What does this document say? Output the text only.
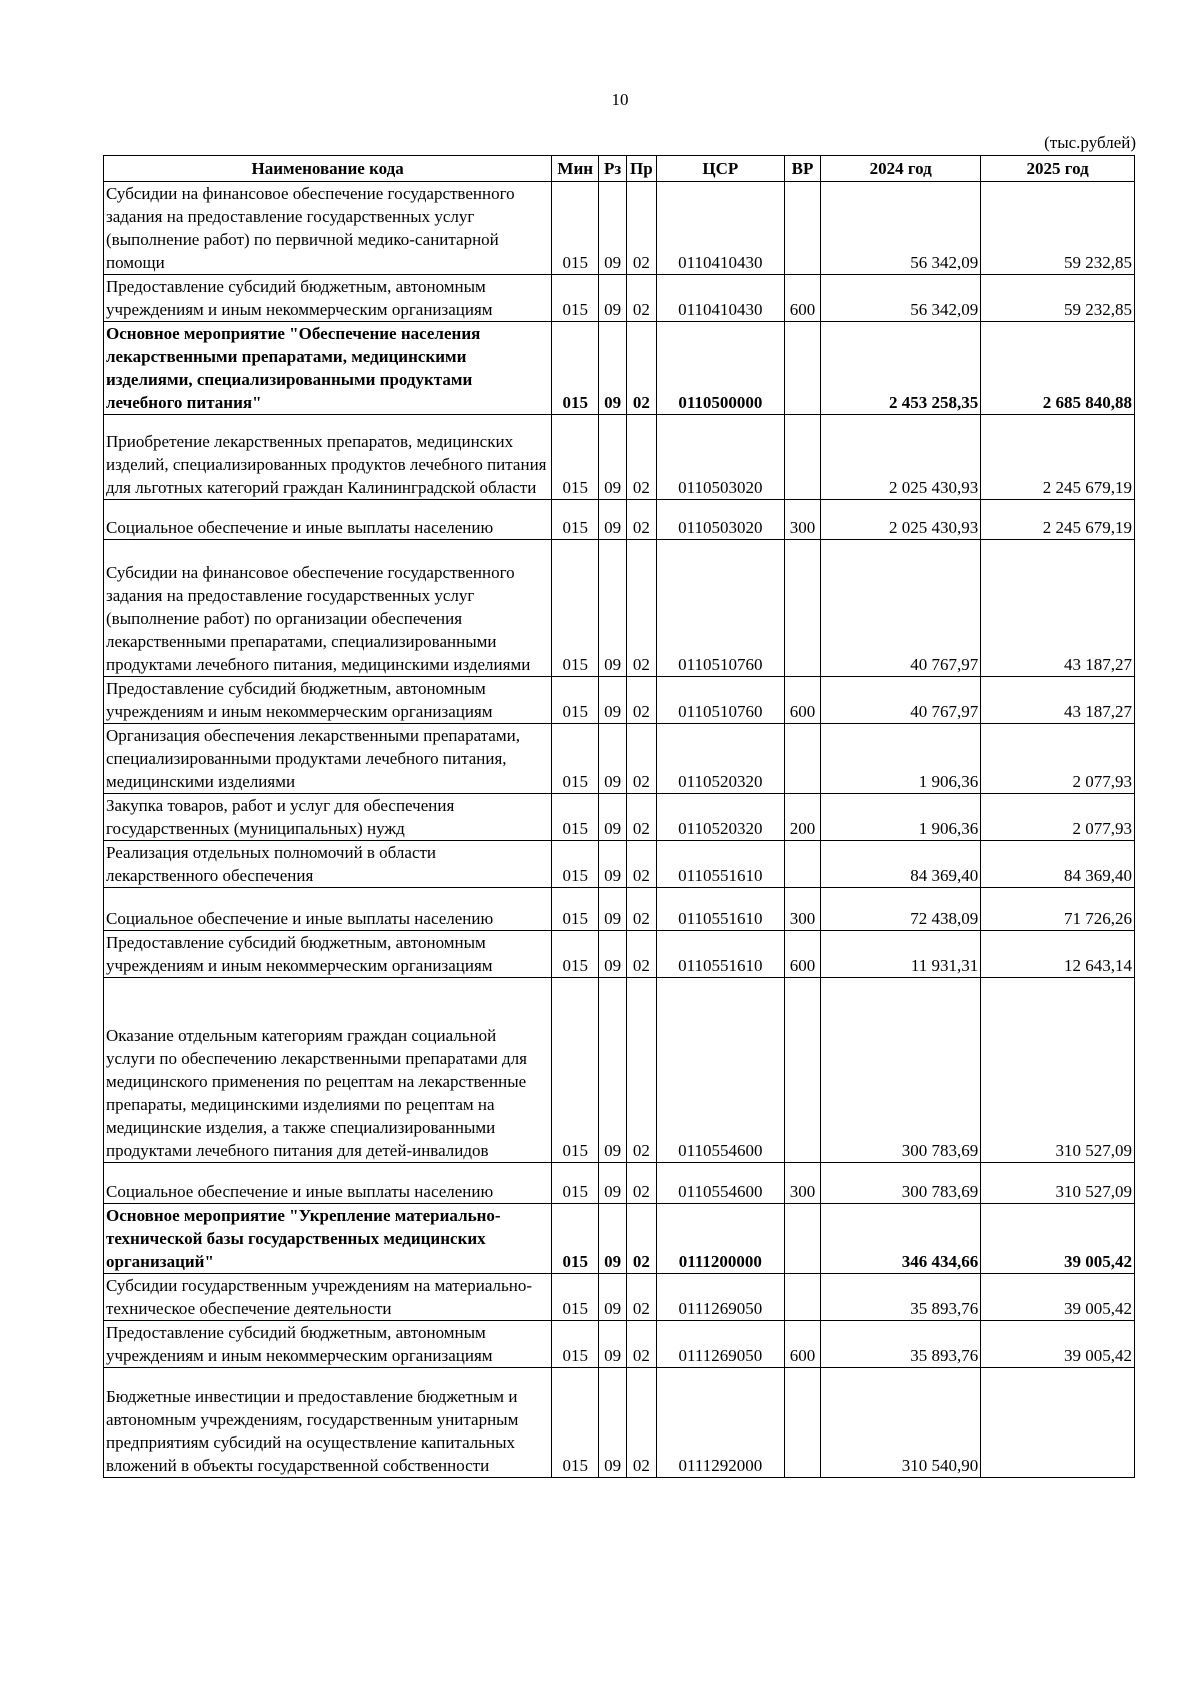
10
(тыс.рублей)
Наименование кода	Мин	Рз	Пр	ЦСР	ВР	2024 год	2025 год
Субсидии на финансовое обеспечение государственного задания на предоставление государственных услуг (выполнение работ) по первичной медико-санитарной помощи	015	09	02	0110410430		56 342,09	59 232,85
Предоставление субсидий бюджетным, автономным учреждениям и иным некоммерческим организациям	015	09	02	0110410430	600	56 342,09	59 232,85
Основное мероприятие "Обеспечение населения лекарственными препаратами, медицинскими изделиями, специализированными продуктами лечебного питания"	015	09	02	0110500000		2 453 258,35	2 685 840,88
Приобретение лекарственных препаратов, медицинских изделий, специализированных продуктов лечебного питания для льготных категорий граждан Калининградской области	015	09	02	0110503020		2 025 430,93	2 245 679,19
Социальное обеспечение и иные выплаты населению	015	09	02	0110503020	300	2 025 430,93	2 245 679,19
Субсидии на финансовое обеспечение государственного задания на предоставление государственных услуг (выполнение работ) по организации обеспечения лекарственными препаратами, специализированными продуктами лечебного питания, медицинскими изделиями	015	09	02	0110510760		40 767,97	43 187,27
Предоставление субсидий бюджетным, автономным учреждениям и иным некоммерческим организациям	015	09	02	0110510760	600	40 767,97	43 187,27
Организация обеспечения лекарственными препаратами, специализированными продуктами лечебного питания, медицинскими изделиями	015	09	02	0110520320		1 906,36	2 077,93
Закупка товаров, работ и услуг для обеспечения государственных (муниципальных) нужд	015	09	02	0110520320	200	1 906,36	2 077,93
Реализация отдельных полномочий в области лекарственного обеспечения	015	09	02	0110551610		84 369,40	84 369,40
Социальное обеспечение и иные выплаты населению	015	09	02	0110551610	300	72 438,09	71 726,26
Предоставление субсидий бюджетным, автономным учреждениям и иным некоммерческим организациям	015	09	02	0110551610	600	11 931,31	12 643,14
Оказание отдельным категориям граждан социальной услуги по обеспечению лекарственными препаратами для медицинского применения по рецептам на лекарственные препараты, медицинскими изделиями по рецептам на медицинские изделия, а также специализированными продуктами лечебного питания для детей-инвалидов	015	09	02	0110554600		300 783,69	310 527,09
Социальное обеспечение и иные выплаты населению	015	09	02	0110554600	300	300 783,69	310 527,09
Основное мероприятие "Укрепление материально-технической базы государственных медицинских организаций"	015	09	02	0111200000		346 434,66	39 005,42
Субсидии государственным учреждениям на материально-техническое обеспечение деятельности	015	09	02	0111269050		35 893,76	39 005,42
Предоставление субсидий бюджетным, автономным учреждениям и иным некоммерческим организациям	015	09	02	0111269050	600	35 893,76	39 005,42
Бюджетные инвестиции и предоставление бюджетным и автономным учреждениям, государственным унитарным предприятиям субсидий на осуществление капитальных вложений в объекты государственной собственности	015	09	02	0111292000		310 540,90	
